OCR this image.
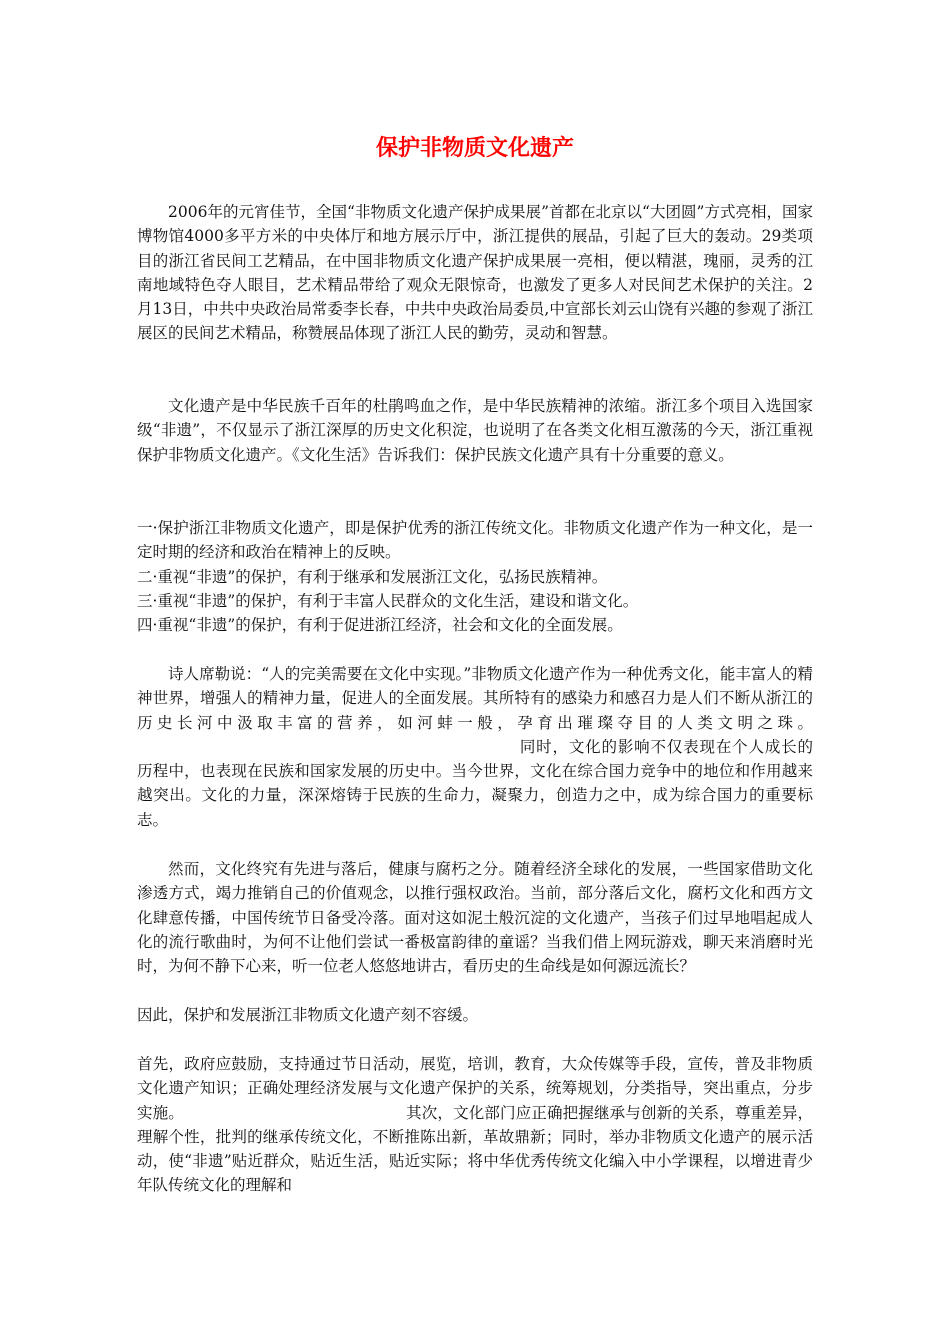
保护非物质文化遗产

2006年的元宵佳节，全国“非物质文化遗产保护成果展”首都在北京以“大团圆”方式亮相，国家博物馆4000多平方米的中央体厅和地方展示厅中，浙江提供的展品，引起了巨大的轰动。29类项目的浙江省民间工艺精品，在中国非物质文化遗产保护成果展一亮相，便以精湛，瑰丽，灵秀的江南地域特色夺人眼目，艺术精品带给了观众无限惊奇，也激发了更多人对民间艺术保护的关注。2月13日，中共中央政治局常委李长春，中共中央政治局委员,中宣部长刘云山饶有兴趣的参观了浙江展区的民间艺术精品，称赞展品体现了浙江人民的勤劳，灵动和智慧。

文化遗产是中华民族千百年的杜鹃鸣血之作，是中华民族精神的浓缩。浙江多个项目入选国家级“非遗”，不仅显示了浙江深厚的历史文化积淀，也说明了在各类文化相互激荡的今天，浙江重视保护非物质文化遗产。《文化生活》告诉我们：保护民族文化遗产具有十分重要的意义。

一·保护浙江非物质文化遗产，即是保护优秀的浙江传统文化。非物质文化遗产作为一种文化，是一定时期的经济和政治在精神上的反映。
二·重视“非遗”的保护，有利于继承和发展浙江文化，弘扬民族精神。
三·重视“非遗”的保护，有利于丰富人民群众的文化生活，建设和谐文化。
四·重视“非遗”的保护，有利于促进浙江经济，社会和文化的全面发展。

诗人席勒说：“人的完美需要在文化中实现。”非物质文化遗产作为一种优秀文化，能丰富人的精神世界，增强人的精神力量，促进人的全面发展。其所特有的感染力和感召力是人们不断从浙江的历史长河中汲取丰富的营养，如河蚌一般，孕育出璀璨夺目的人类文明之珠。同时，文化的影响不仅表现在个人成长的历程中，也表现在民族和国家发展的历史中。当今世界，文化在综合国力竞争中的地位和作用越来越突出。文化的力量，深深熔铸于民族的生命力，凝聚力，创造力之中，成为综合国力的重要标志。

然而，文化终究有先进与落后，健康与腐朽之分。随着经济全球化的发展，一些国家借助文化渗透方式，竭力推销自己的价值观念，以推行强权政治。当前，部分落后文化，腐朽文化和西方文化肆意传播，中国传统节日备受冷落。面对这如泥土般沉淀的文化遗产，当孩子们过早地唱起成人化的流行歌曲时，为何不让他们尝试一番极富韵律的童谣？当我们借上网玩游戏，聊天来消磨时光时，为何不静下心来，听一位老人悠悠地讲古，看历史的生命线是如何源远流长？

因此，保护和发展浙江非物质文化遗产刻不容缓。

首先，政府应鼓励，支持通过节日活动，展览，培训，教育，大众传媒等手段，宣传，普及非物质文化遗产知识；正确处理经济发展与文化遗产保护的关系，统筹规划，分类指导，突出重点，分步实施。	其次，文化部门应正确把握继承与创新的关系，尊重差异，理解个性，批判的继承传统文化，不断推陈出新，革故鼎新；同时，举办非物质文化遗产的展示活动，使“非遗”贴近群众，贴近生活，贴近实际；将中华优秀传统文化编入中小学课程，以增进青少年队传统文化的理解和
